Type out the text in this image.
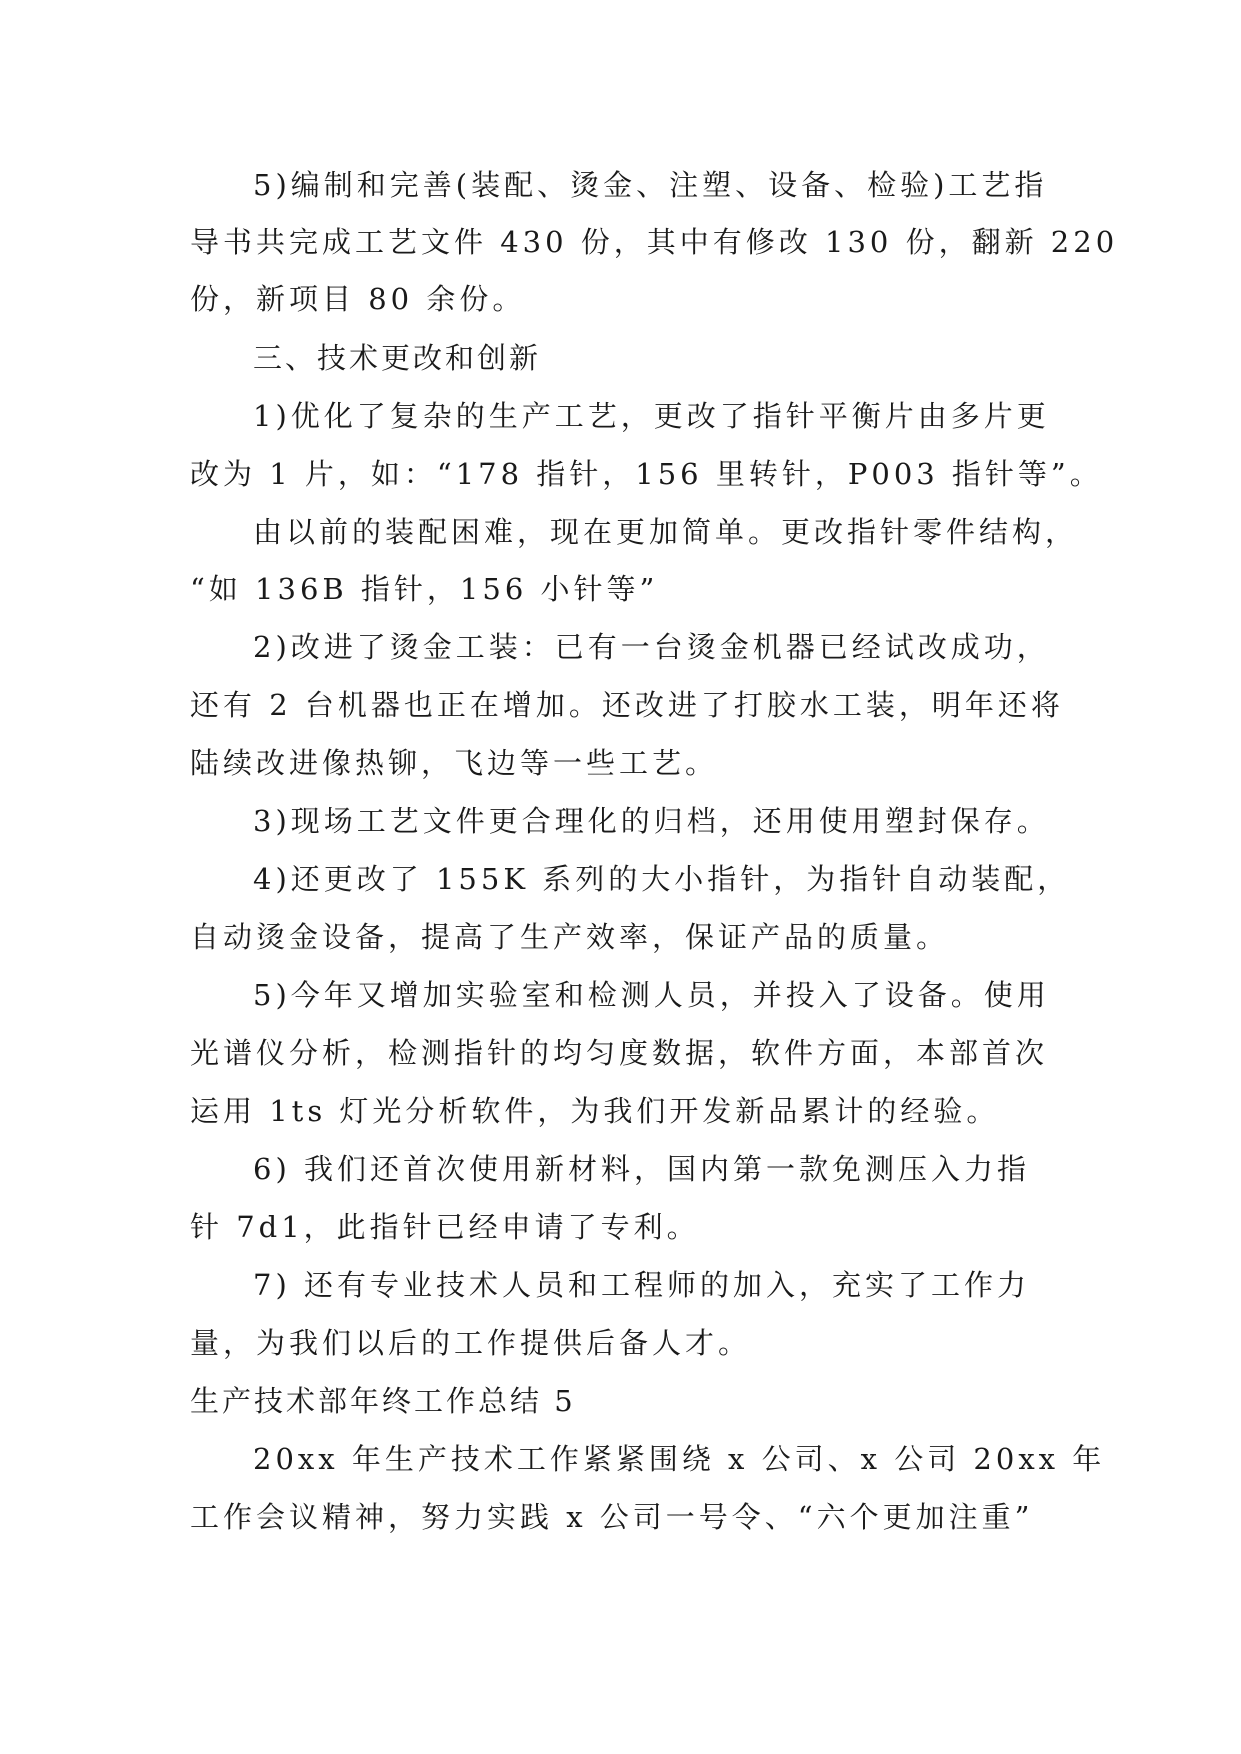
5)编制和完善(装配、烫金、注塑、设备、检验)工艺指

导书共完成工艺文件 430 份，其中有修改 130 份，翻新 220

份，新项目 80 余份。

三、技术更改和创新

1)优化了复杂的生产工艺，更改了指针平衡片由多片更

改为 1 片，如：“178 指针，156 里转针，P003 指针等”。

由以前的装配困难，现在更加简单。更改指针零件结构，

“如 136B 指针，156 小针等”

2)改进了烫金工装：已有一台烫金机器已经试改成功，

还有 2 台机器也正在增加。还改进了打胶水工装，明年还将

陆续改进像热铆，飞边等一些工艺。

3)现场工艺文件更合理化的归档，还用使用塑封保存。

4)还更改了 155K 系列的大小指针，为指针自动装配，

自动烫金设备，提高了生产效率，保证产品的质量。

5)今年又增加实验室和检测人员，并投入了设备。使用

光谱仪分析，检测指针的均匀度数据，软件方面，本部首次

运用 1ts 灯光分析软件，为我们开发新品累计的经验。

6) 我们还首次使用新材料，国内第一款免测压入力指

针 7d1，此指针已经申请了专利。

7) 还有专业技术人员和工程师的加入，充实了工作力

量，为我们以后的工作提供后备人才。

生产技术部年终工作总结 5

20xx 年生产技术工作紧紧围绕 x 公司、x 公司 20xx 年

工作会议精神，努力实践 x 公司一号令、“六个更加注重”
